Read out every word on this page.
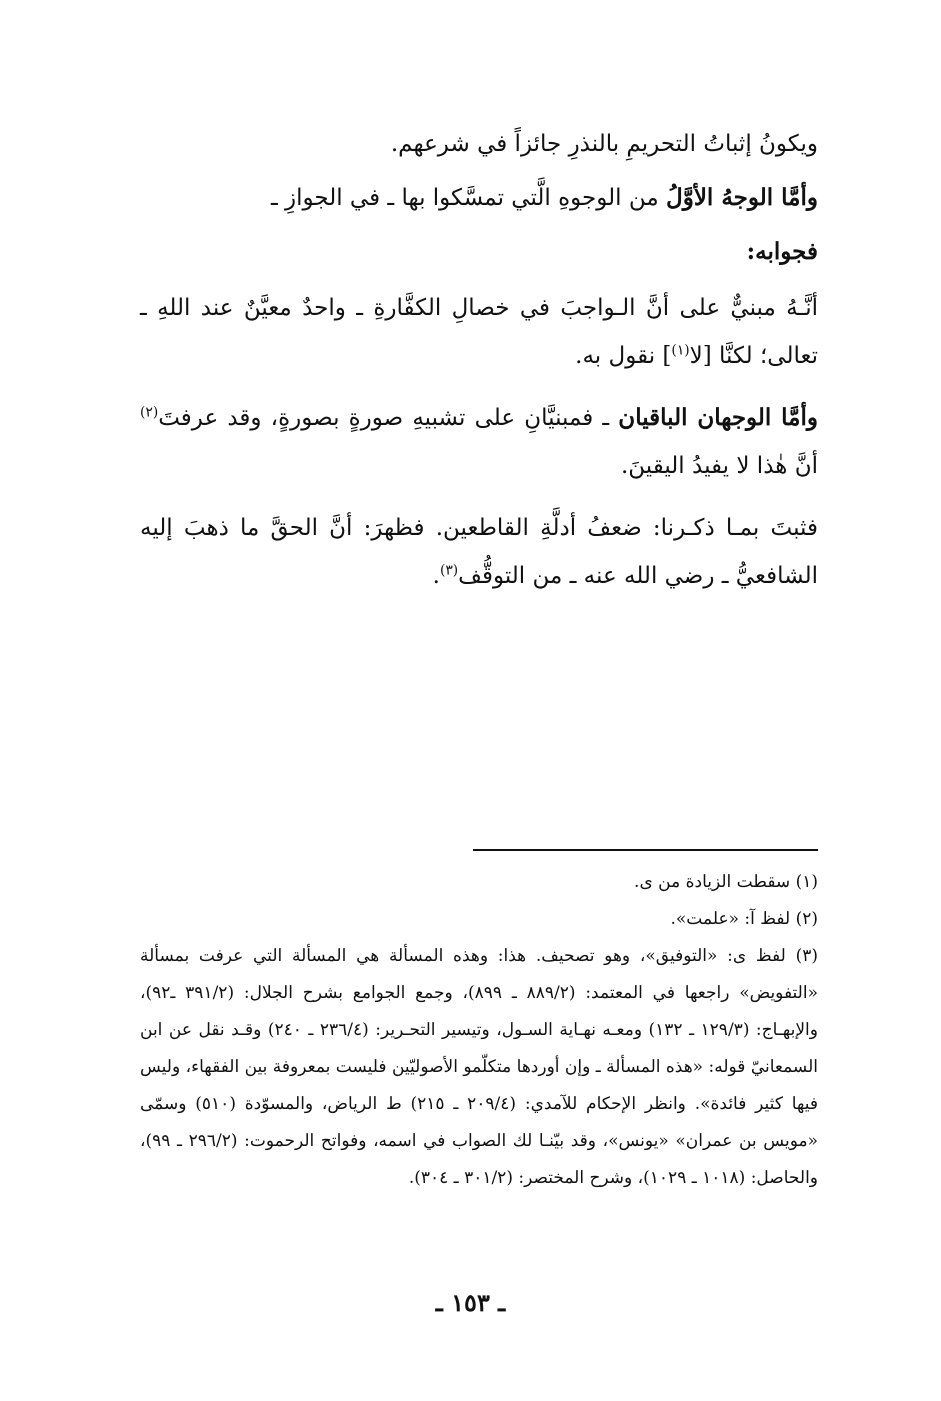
ويكونُ إثباتُ التحريمِ بالنذرِ جائزاً في شرعهم.

وأمَّا الوجهُ الأوَّلُ من الوجوهِ الَّتي تمسَّكوا بها ـ في الجوازِ ـ

فجوابه:

أنَّـهُ مبنيٌّ على أنَّ الـواجبَ في خصالِ الكفَّارةِ ـ واحدٌ معيَّنٌ عند اللهِ ـ تعالى؛ لكنَّا [لا$^{(١)}$] نقول به.

وأمَّا الوجهان الباقيان ـ فمبنيَّانِ على تشبيهِ صورةٍ بصورةٍ، وقد عرفتَ$^{(٢)}$ أنَّ هٰذا لا يفيدُ اليقينَ.

فثبتَ بمـا ذكـرنا: ضعفُ أدلَّةِ القاطعين. فظهرَ: أنَّ الحقَّ ما ذهبَ إليه الشافعيُّ ـ رضي الله عنه ـ من التوقُّف$^{(٣)}$.

(١) سقطت الزيادة من ى.

(٢) لفظ آ: «علمت».

(٣) لفظ ى: «التوفيق»، وهو تصحيف. هذا: وهذه المسألة هي المسألة التي عرفت بمسألة «التفويض» راجعها في المعتمد: (٨٨٩/٢ ـ ٨٩٩)، وجمع الجوامع بشرح الجلال: (٣٩١/٢ ـ٩٢)، والإبهـاج: (١٢٩/٣ ـ ١٣٢) ومعـه نهـاية السـول، وتيسير التحـرير: (٢٣٦/٤ ـ ٢٤٠) وقـد نقل عن ابن السمعانيّ قوله: «هذه المسألة ـ وإن أوردها متكلّمو الأصوليّين فليست بمعروفة بين الفقهاء، وليس فيها كثير فائدة». وانظر الإحكام للآمدي: (٢٠٩/٤ ـ ٢١٥) ط الرياض، والمسوّدة (٥١٠) وسمّى «مويس بن عمران» «يونس»، وقد بيّنـا لك الصواب في اسمه، وفواتح الرحموت: (٢٩٦/٢ ـ ٩٩)، والحاصل: (١٠١٨ ـ ١٠٢٩)، وشرح المختصر: (٣٠١/٢ ـ ٣٠٤).

ـ ١٥٣ ـ
